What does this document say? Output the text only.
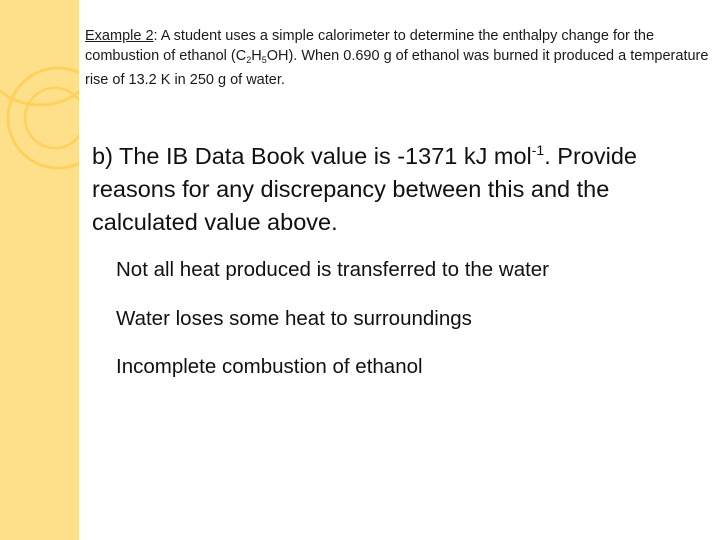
Example 2: A student uses a simple calorimeter to determine the enthalpy change for the combustion of ethanol $(C_2H_5OH)$. When 0.690 g of ethanol was burned it produced a temperature rise of 13.2 K in 250 g of water.
b) The IB Data Book value is -1371 kJ mol$^{-1}$. Provide reasons for any discrepancy between this and the calculated value above.
Not all heat produced is transferred to the water
Water loses some heat to surroundings
Incomplete combustion of ethanol
